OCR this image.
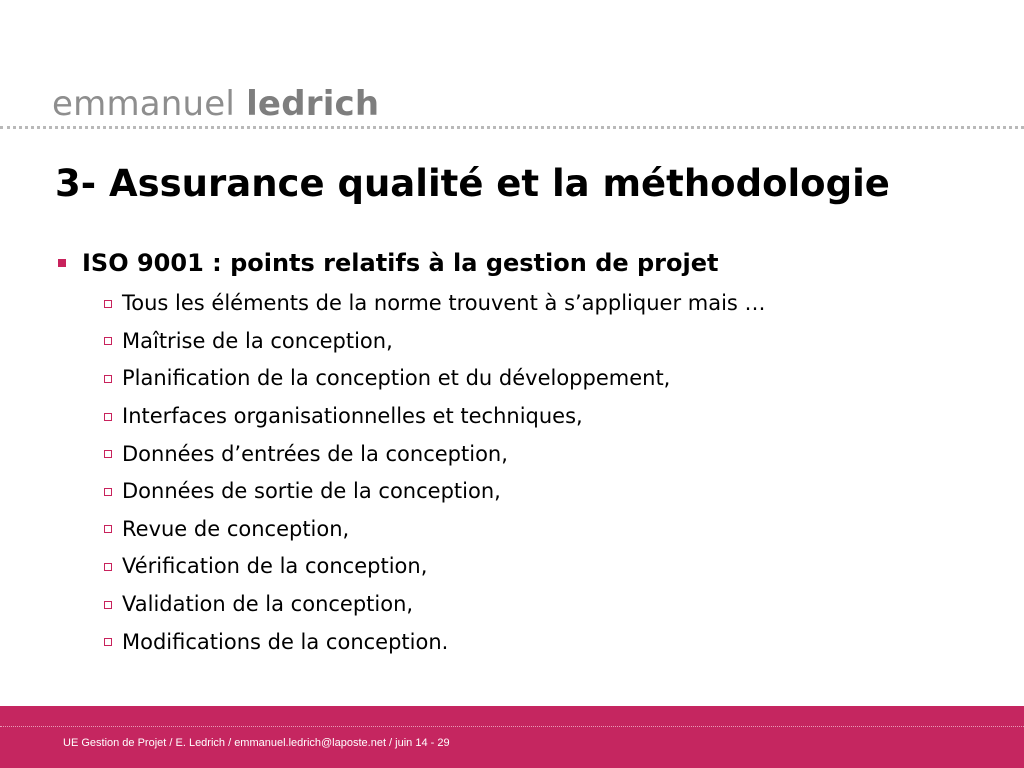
emmanuel ledrich
3- Assurance qualité et la méthodologie
ISO 9001 : points relatifs à la gestion de projet
Tous les éléments de la norme trouvent à s’appliquer mais …
Maîtrise de la conception,
Planification de la conception et du développement,
Interfaces organisationnelles et techniques,
Données d’entrées de la conception,
Données de sortie de la conception,
Revue de conception,
Vérification de la conception,
Validation de la conception,
Modifications de la conception.
UE Gestion de Projet / E. Ledrich / emmanuel.ledrich@laposte.net / juin 14 - 29
